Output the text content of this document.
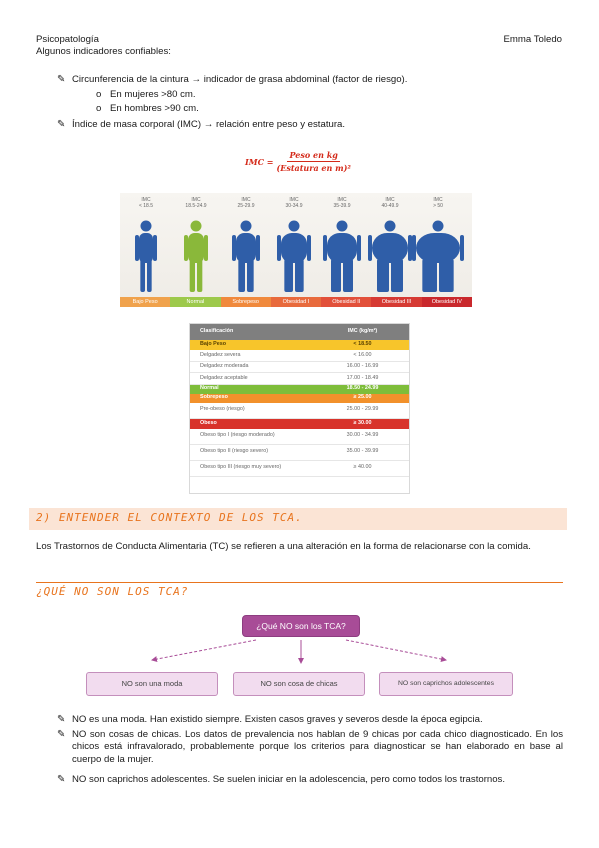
Psicopatología	Emma Toledo
Algunos indicadores confiables:
✎ Circunferencia de la cintura → indicador de grasa abdominal (factor de riesgo).
o En mujeres >80 cm.
o En hombres >90 cm.
✎ Índice de masa corporal (IMC) → relación entre peso y estatura.
IMC = $\frac{\text{Peso en kg}}{\text{(Estatura en m)²}}$
Bajo Peso	Normal	Sobrepeso	Obesidad I	Obesidad II	Obesidad III	Obesidad IV
IMC
< 18.5
IMC
18.5-24.9
IMC
25-29.9
IMC
30-34.9
IMC
35-39.9
IMC
40-49.9
IMC
> 50
Clasificación	IMC (kg/m²)
Bajo Peso	< 18.50
Delgadez severa	< 16.00
Delgadez moderada	16.00 - 16.99
Delgadez aceptable	17.00 - 18.49
Normal	18.50 - 24.99
Sobrepeso	≥ 25.00
Pre-obeso (riesgo)	25.00 - 29.99
Obeso	≥ 30.00
Obeso tipo I (riesgo moderado)	30.00 - 34.99
Obeso tipo II (riesgo severo)	35.00 - 39.99
Obeso tipo III (riesgo muy severo)	≥ 40.00
2) ENTENDER EL CONTEXTO DE LOS TCA.
Los Trastornos de Conducta Alimentaria (TC) se refieren a una alteración en la forma de relacionarse con la comida.
¿QUÉ NO SON LOS TCA?
¿Qué NO son los TCA?
NO son una moda	NO son cosa de chicas	NO son caprichos adolescentes
✎ NO es una moda. Han existido siempre. Existen casos graves y severos desde la época egipcia.
✎ NO son cosas de chicas. Los datos de prevalencia nos hablan de 9 chicas por cada chico diagnosticado. En los chicos está infravalorado, probablemente porque los criterios para diagnosticar se han elaborado en base al cuerpo de la mujer.
✎ NO son caprichos adolescentes. Se suelen iniciar en la adolescencia, pero como todos los trastornos.
